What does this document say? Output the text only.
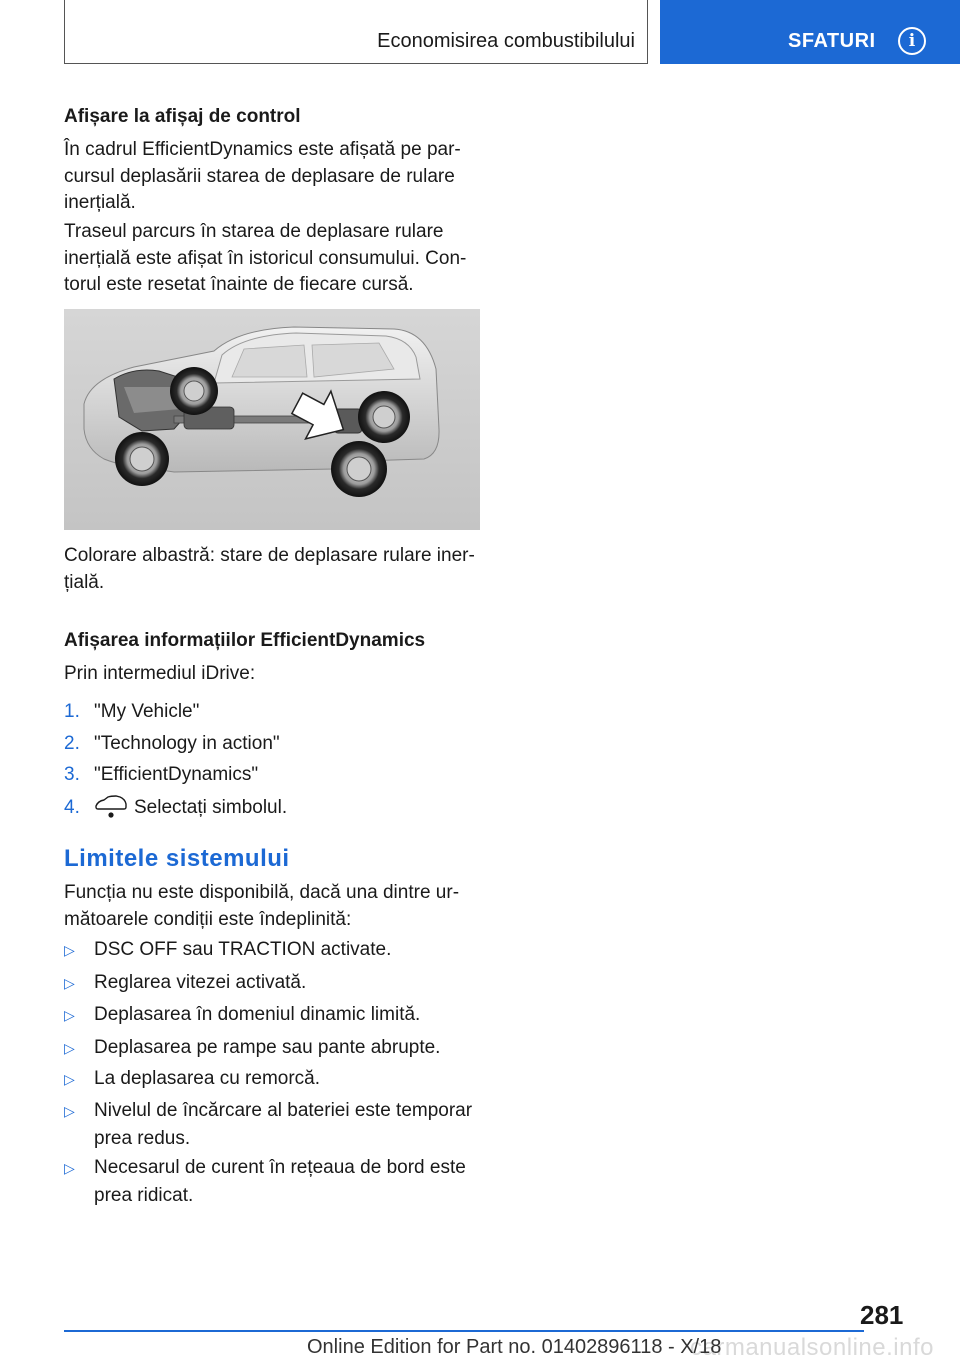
Economisirea combustibilului	SFATURI	i
Afișare la afișaj de control
În cadrul EfficientDynamics este afișată pe par-
cursul deplasării starea de deplasare de rulare
inerțială.
Traseul parcurs în starea de deplasare rulare
inerțială este afișat în istoricul consumului. Con-
torul este resetat înainte de fiecare cursă.
Colorare albastră: stare de deplasare rulare iner-
țială.
Afișarea informațiilor EfficientDynamics
Prin intermediul iDrive:
1. "My Vehicle"
2. "Technology in action"
3. "EfficientDynamics"
4.	Selectați simbolul.
Limitele sistemului
Funcția nu este disponibilă, dacă una dintre ur-
mătoarele condiții este îndeplinită:
▷ DSC OFF sau TRACTION activate.
▷ Reglarea vitezei activată.
▷ Deplasarea în domeniul dinamic limită.
▷ Deplasarea pe rampe sau pante abrupte.
▷ La deplasarea cu remorcă.
▷ Nivelul de încărcare al bateriei este temporar
prea redus.
▷ Necesarul de curent în rețeaua de bord este
prea ridicat.
281
carmanualsonline.info
Online Edition for Part no. 01402896118 - X/18
